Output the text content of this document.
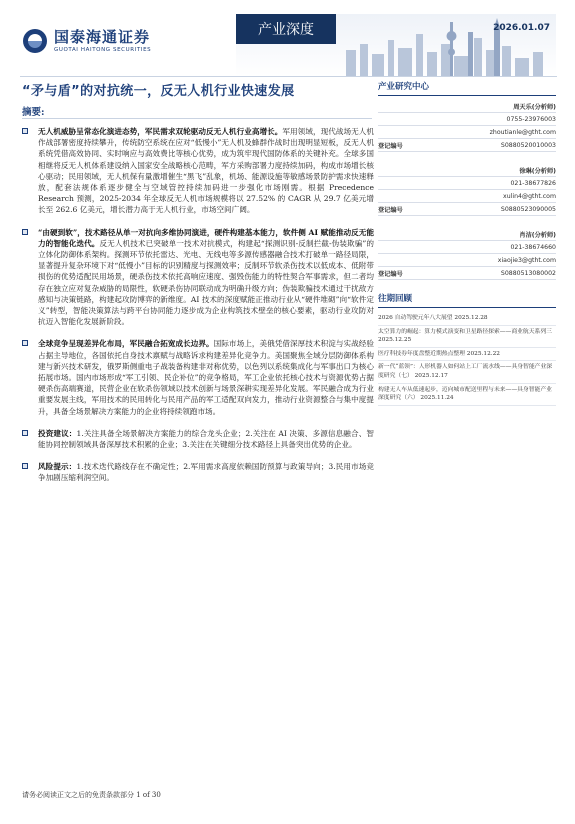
国泰海通证券
GUOTAI HAITONG SECURITIES
产业深度	2026.01.07
“矛与盾”的对抗统一，反无人机行业快速发展
摘要:
无人机威胁呈常态化演进态势，军民需求双轮驱动反无人机行业高增长。军用领域，现代战场无人机作战部署密度持续攀升，传统防空系统在应对“低慢小”无人机及蜂群作战时出现明显短板，反无人机系统凭借高效协同、实时响应与高效费比等核心优势，成为筑牢现代国防体系的关键补充。全球多国相继将反无人机体系建设纳入国家安全战略核心范畴，军方采购部署力度持续加码，构成市场增长核心驱动；民用领域，无人机保有量激增催生“黑飞”乱象，机场、能源设施等敏感场景防护需求快速释放，配套法规体系逐步健全与空域管控持续加码进一步强化市场刚需。根据 Precedence Research 预测，2025-2034 年全球反无人机市场规模将以 27.52% 的 CAGR 从 29.7 亿美元增长至 262.6 亿美元，增长潜力高于无人机行业，市场空间广阔。
“由硬到软”，技术路径从单一对抗向多维协同演进，硬件构建基本能力，软件侧 AI 赋能推动反无能力的智能化迭代。反无人机技术已突破单一技术对抗模式，构建起“探测识别-反制拦截-伪装欺骗”的立体化防御体系架构。探测环节依托雷达、光电、无线电等多源传感器融合技术打破单一路径局限，显著提升复杂环境下对“低慢小”目标的识别精度与探测效率；反制环节软杀伤技术以低成本、低附带损伤的优势适配民用场景，硬杀伤技术依托高响应速度、强毁伤能力的特性契合军事需求，但二者均存在独立应对复杂威胁的局限性，软硬杀伤协同联动成为明确升级方向；伪装欺骗技术通过干扰敌方感知与决策链路，构建起攻防博弈的新维度。AI 技术的深度赋能正推动行业从“硬件堆砌”向“软件定义”转型，智能决策算法与跨平台协同能力逐步成为企业构筑技术壁垒的核心要素，驱动行业攻防对抗迈入智能化发展新阶段。
全球竞争呈现差异化布局，军民融合拓宽成长边界。国际市场上，美俄凭借深厚技术积淀与实战经验占据主导地位，各国依托自身技术禀赋与战略诉求构建差异化竞争力。美国聚焦全域分层防御体系构建与新兴技术研发，俄罗斯侧重电子战装备构建非对称优势，以色列以系统集成化与军事出口为核心拓展市场。国内市场形成“军工引领、民企补位”的竞争格局，军工企业依托核心技术与资源优势占据硬杀伤高端赛道，民营企业在软杀伤领域以技术创新与场景深耕实现差异化发展。军民融合成为行业重要发展主线，军用技术的民用转化与民用产品的军工适配双向发力，推动行业资源整合与集中度提升，具备全场景解决方案能力的企业将持续领跑市场。
投资建议：1.关注具备全场景解决方案能力的综合龙头企业；2.关注在 AI 决策、多源信息融合、智能协同控制领域具备深厚技术积累的企业；3.关注在关键细分技术路径上具备突出优势的企业。
风险提示：1.技术迭代路线存在不确定性；2.军用需求高度依赖国防预算与政策导向；3.民用市场竞争加剧压缩利润空间。
产业研究中心
周天乐(分析师)
0755-23976003
zhoutianle@gtht.com
登记编号	S0880520010003
徐琳(分析师)
021-38677826
xulin4@gtht.com
登记编号	S0880523090005
肖洁(分析师)
021-38674660
xiaojie3@gtht.com
登记编号	S0880513080002
往期回顾
2026 自动驾驶元年八大展望 2025.12.28
太空算力的崛起：算力模式演变和卫星路径探索——商业航天系列三 2025.12.25
医疗科技券年度盘整近期热点整理 2025.12.22
新一代“蓝领”：人形机器人如何站上工厂流水线——具身智能产业深度研究（七） 2025.12.17
构建无人车从低速起步，迈向城市配送里程与未来——具身智能产业深度研究（六） 2025.11.24
请务必阅读正文之后的免责条款部分 1 of 30
